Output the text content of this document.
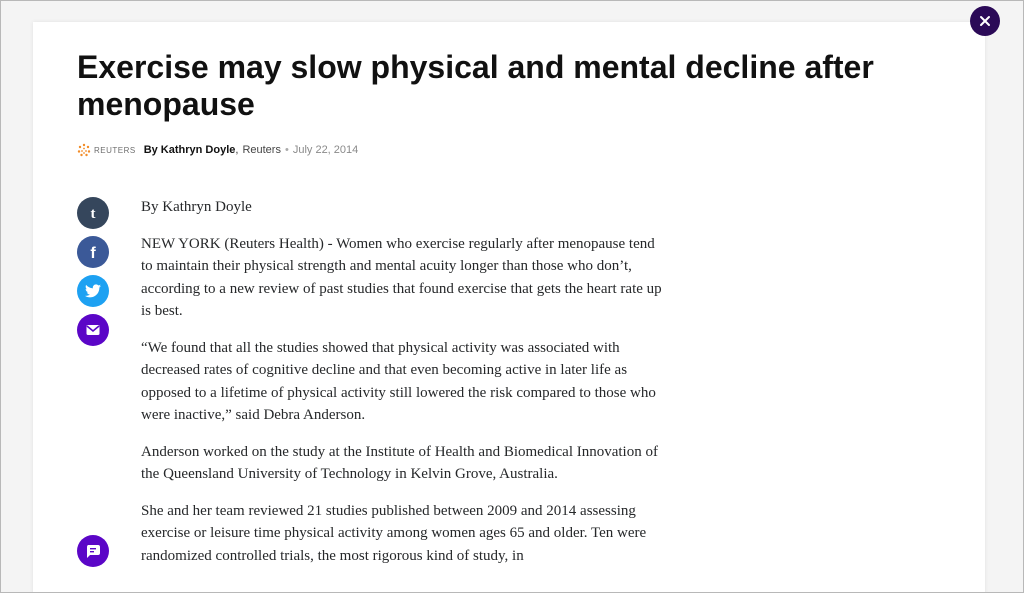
Exercise may slow physical and mental decline after menopause
REUTERS By Kathryn Doyle , Reuters • July 22, 2014
t
f

By Kathryn Doyle

NEW YORK (Reuters Health) - Women who exercise regularly after menopause tend to maintain their physical strength and mental acuity longer than those who don’t, according to a new review of past studies that found exercise that gets the heart rate up is best.

“We found that all the studies showed that physical activity was associated with decreased rates of cognitive decline and that even becoming active in later life as opposed to a lifetime of physical activity still lowered the risk compared to those who were inactive,” said Debra Anderson.

Anderson worked on the study at the Institute of Health and Biomedical Innovation of the Queensland University of Technology in Kelvin Grove, Australia.

She and her team reviewed 21 studies published between 2009 and 2014 assessing exercise or leisure time physical activity among women ages 65 and older. Ten were randomized controlled trials, the most rigorous kind of study, in
